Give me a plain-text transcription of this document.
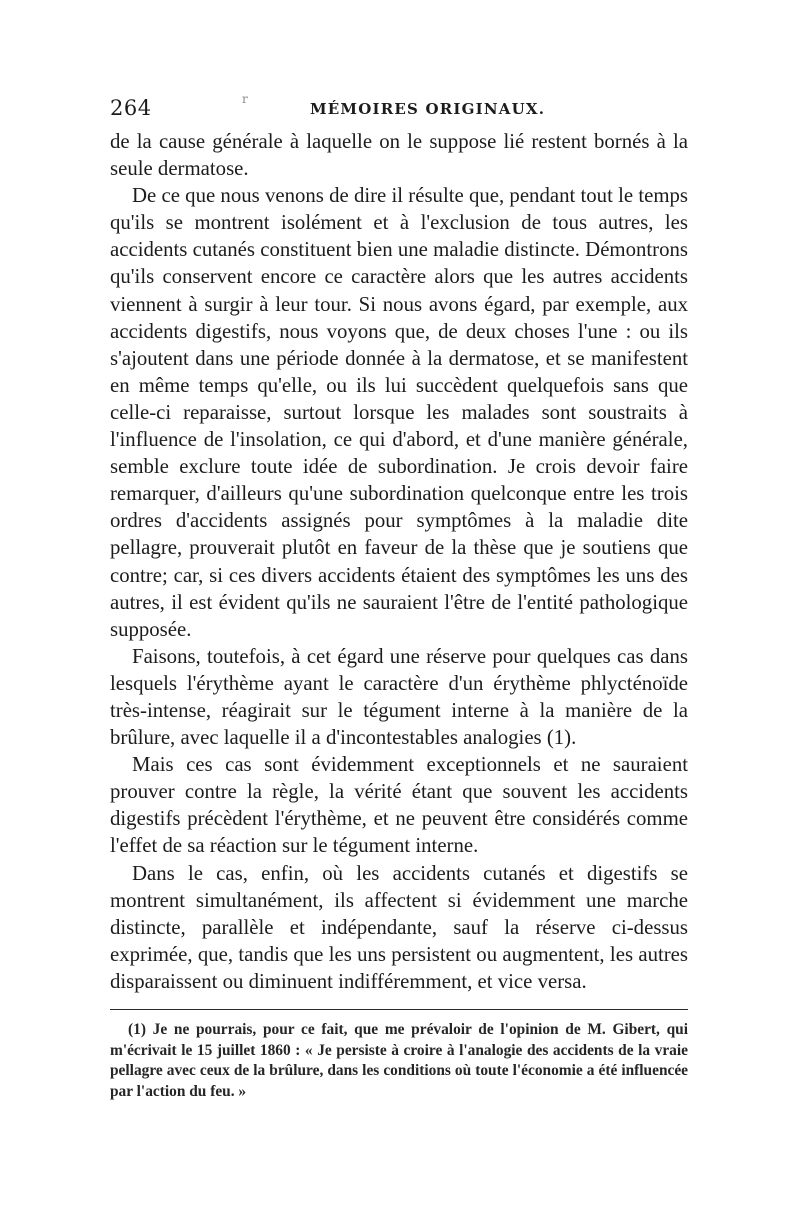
264	r
MÉMOIRES ORIGINAUX.

de la cause générale à laquelle on le suppose lié restent bornés à la seule dermatose.

De ce que nous venons de dire il résulte que, pendant tout le temps qu'ils se montrent isolément et à l'exclusion de tous autres, les accidents cutanés constituent bien une maladie distincte. Démontrons qu'ils conservent encore ce caractère alors que les autres accidents viennent à surgir à leur tour. Si nous avons égard, par exemple, aux accidents digestifs, nous voyons que, de deux choses l'une : ou ils s'ajoutent dans une période donnée à la dermatose, et se manifestent en même temps qu'elle, ou ils lui succèdent quelquefois sans que celle-ci reparaisse, surtout lorsque les malades sont soustraits à l'influence de l'insolation, ce qui d'abord, et d'une manière générale, semble exclure toute idée de subordination. Je crois devoir faire remarquer, d'ailleurs qu'une subordination quelconque entre les trois ordres d'accidents assignés pour symptômes à la maladie dite pellagre, prouverait plutôt en faveur de la thèse que je soutiens que contre; car, si ces divers accidents étaient des symptômes les uns des autres, il est évident qu'ils ne sauraient l'être de l'entité pathologique supposée.

Faisons, toutefois, à cet égard une réserve pour quelques cas dans lesquels l'érythème ayant le caractère d'un érythème phlycténoïde très-intense, réagirait sur le tégument interne à la manière de la brûlure, avec laquelle il a d'incontestables analogies (1).

Mais ces cas sont évidemment exceptionnels et ne sauraient prouver contre la règle, la vérité étant que souvent les accidents digestifs précèdent l'érythème, et ne peuvent être considérés comme l'effet de sa réaction sur le tégument interne.

Dans le cas, enfin, où les accidents cutanés et digestifs se montrent simultanément, ils affectent si évidemment une marche distincte, parallèle et indépendante, sauf la réserve ci-dessus exprimée, que, tandis que les uns persistent ou augmentent, les autres disparaissent ou diminuent indifféremment, et vice versa.

(1) Je ne pourrais, pour ce fait, que me prévaloir de l'opinion de M. Gibert, qui m'écrivait le 15 juillet 1860 : « Je persiste à croire à l'analogie des accidents de la vraie pellagre avec ceux de la brûlure, dans les conditions où toute l'économie a été influencée par l'action du feu. »
